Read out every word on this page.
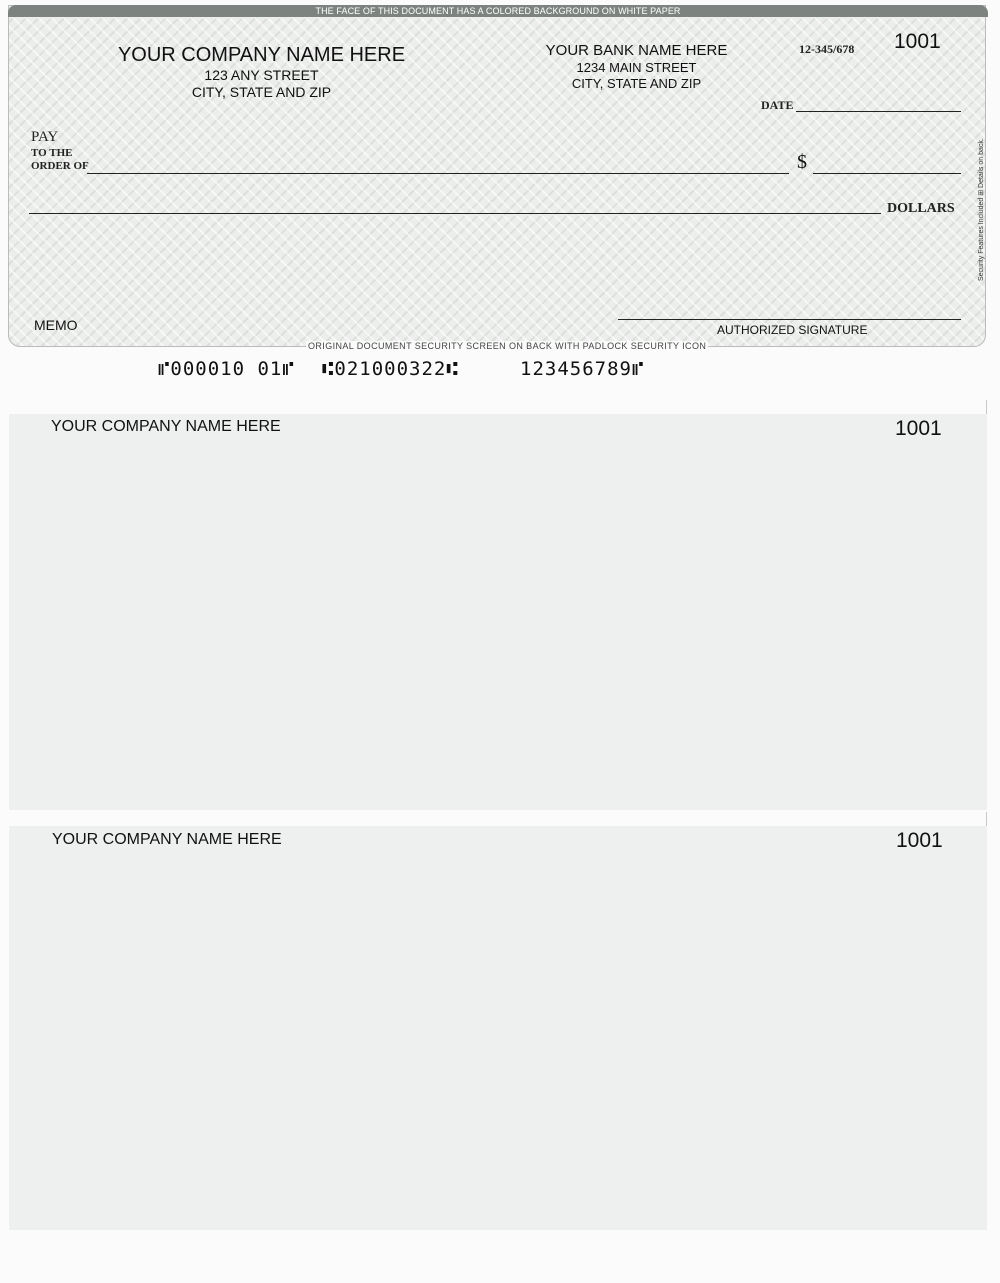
THE FACE OF THIS DOCUMENT HAS A COLORED BACKGROUND ON WHITE PAPER
YOUR COMPANY NAME HERE
123 ANY STREET
CITY, STATE AND ZIP
YOUR BANK NAME HERE
1234 MAIN STREET
CITY, STATE AND ZIP
12-345/678 1001
DATE
PAY
TO THE
ORDER OF	$
DOLLARS
MEMO	AUTHORIZED SIGNATURE
Security Features Included ⊞ Details on back.
ORIGINAL DOCUMENT SECURITY SCREEN ON BACK WITH PADLOCK SECURITY ICON
⑈000010 01⑈ ⑆021000322⑆	123456789⑈
YOUR COMPANY NAME HERE	1001
YOUR COMPANY NAME HERE	1001
